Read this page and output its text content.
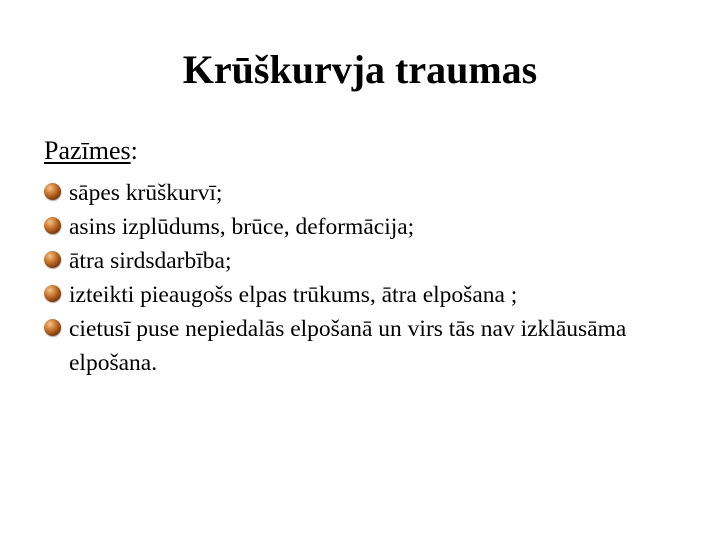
Krūškurvja traumas

Pazīmes:

sāpes krūškurvī;
asins izplūdums, brūce, deformācija;
ātra sirdsdarbība;
izteikti pieaugošs elpas trūkums, ātra elpošana ;
cietusī puse nepiedalās elpošanā un virs tās nav izklāusāma elpošana.
